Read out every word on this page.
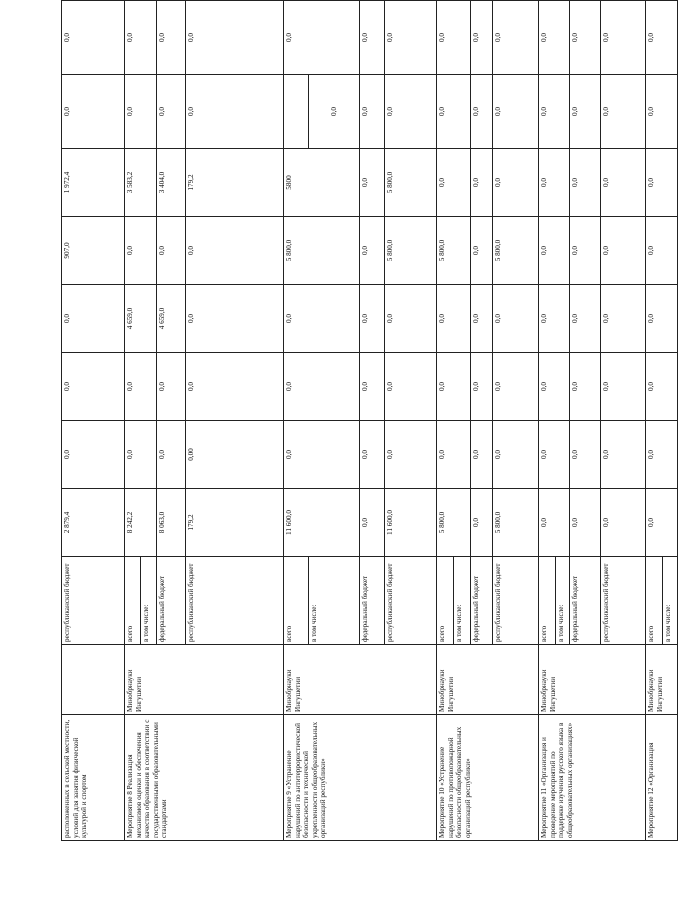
расположенных в сельской местности, условий для занятия физической культурой и спортом		республиканский бюджет	2 879,4	0,0	0,0	0,0	907,0	1 972,4	0,0	0,0
Мероприятие 8 Реализация механизмов оценки и обеспечения качества образования в соответствии с государственными образовательными стандартами	Минобрнауки Ингушетии	всего	8 242,2	0,0	0,0	4 659,0	0,0	3 583,2	0,0	0,0
		в том числе:								
		федеральный бюджет	8 063,0	0,0	0,0	4 659,0	0,0	3 404,0	0,0	0,0
		республиканский бюджет	179,2	0,00	0,0	0,0	0,0	179,2	0,0	0,0
Мероприятие 9 «Устранение нарушений по антитеррористической безопасности и технической укрепленности общеобразовательных организаций республики»	Минобрнауки Ингушетии	всего	11 600,0	0,0	0,0	0,0	5 800,0	5800		0,0
		в том числе:							0,0	
		федеральный бюджет	0,0	0,0	0,0	0,0	0,0	0,0	0,0	0,0
		республиканский бюджет	11 600,0	0,0	0,0	0,0	5 800,0	5 800,0	0,0	0,0
Мероприятие 10 «Устранение нарушений по противопожарной безопасности общеобразовательных организаций республики»	Минобрнауки Ингушетии	всего	5 800,0	0,0	0,0	0,0	5 800,0	0,0	0,0	0,0
		в том числе:								
		федеральный бюджет	0,0	0,0	0,0	0,0	0,0	0,0	0,0	0,0
		республиканский бюджет	5 800,0	0,0	0,0	0,0	5 800,0	0,0	0,0	0,0
Мероприятие 11 «Организация и проведение мероприятий по поддержке изучения русского языка в общеобразовательных организациях»	Минобрнауки Ингушетии	всего	0,0	0,0	0,0	0,0	0,0	0,0	0,0	0,0
		в том числе:								
		федеральный бюджет	0,0	0,0	0,0	0,0	0,0	0,0	0,0	0,0
		республиканский бюджет	0,0	0,0	0,0	0,0	0,0	0,0	0,0	0,0
Мероприятие 12 «Организация	Минобрнауки Ингушетии	всего	0,0	0,0	0,0	0,0	0,0	0,0	0,0	0,0
		в том числе:								
